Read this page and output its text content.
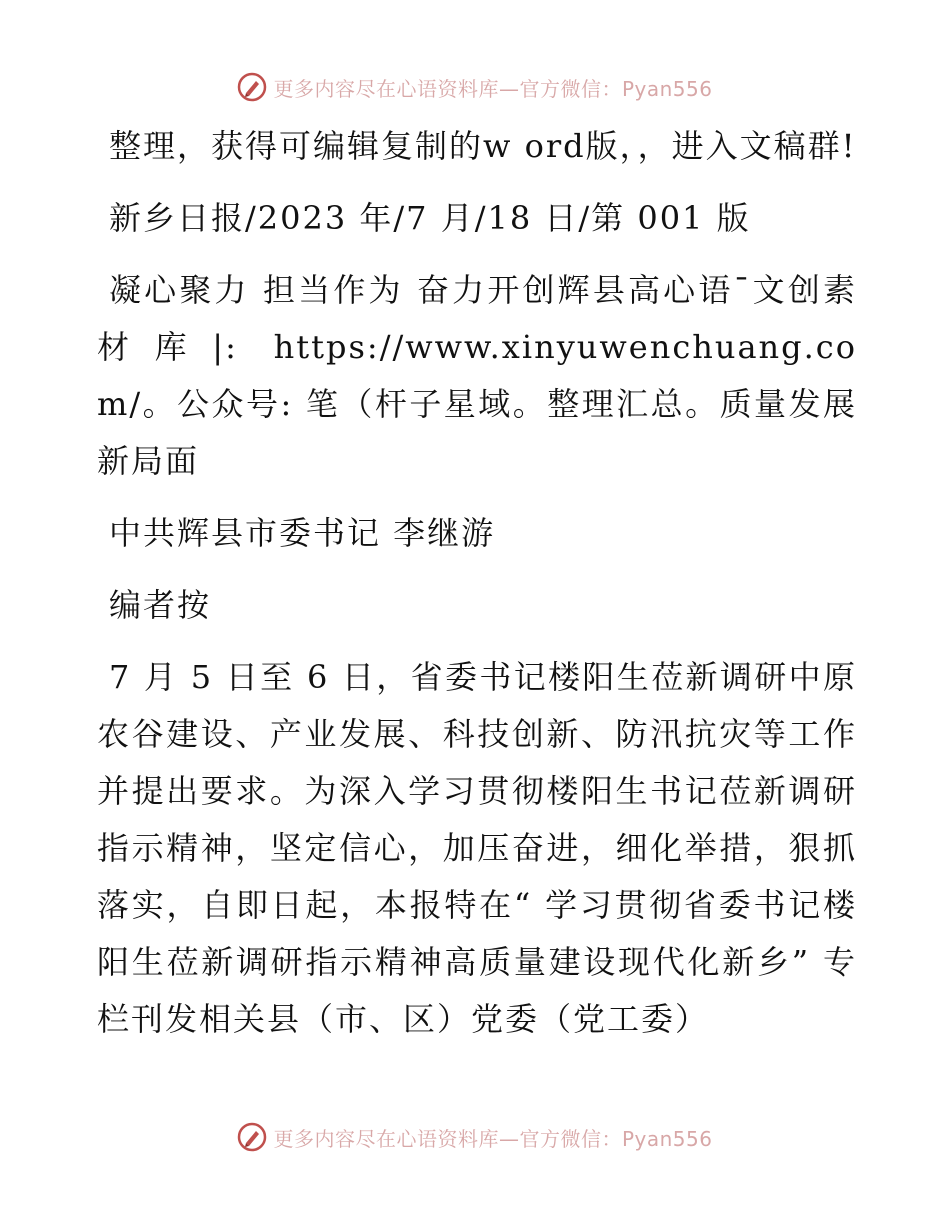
更多内容尽在心语资料库—官方微信：Pyan556

整理，获得可编辑复制的w ord版，，进入文稿群!

新乡日报/2023 年/7 月/18 日/第 001 版

凝心聚力 担当作为 奋力开创辉县高心语¯文创素材库|: https://www.xinyuwenchuang.com/。公众号: 笔（杆子星域。整理汇总。质量发展新局面

中共辉县市委书记 李继游

编者按

7 月 5 日至 6 日，省委书记楼阳生莅新调研中原农谷建设、产业发展、科技创新、防汛抗灾等工作并提出要求。为深入学习贯彻楼阳生书记莅新调研指示精神，坚定信心，加压奋进，细化举措，狠抓落实，自即日起，本报特在“ 学习贯彻省委书记楼阳生莅新调研指示精神高质量建设现代化新乡” 专栏刊发相关县（市、区）党委（党工委）

更多内容尽在心语资料库—官方微信：Pyan556
